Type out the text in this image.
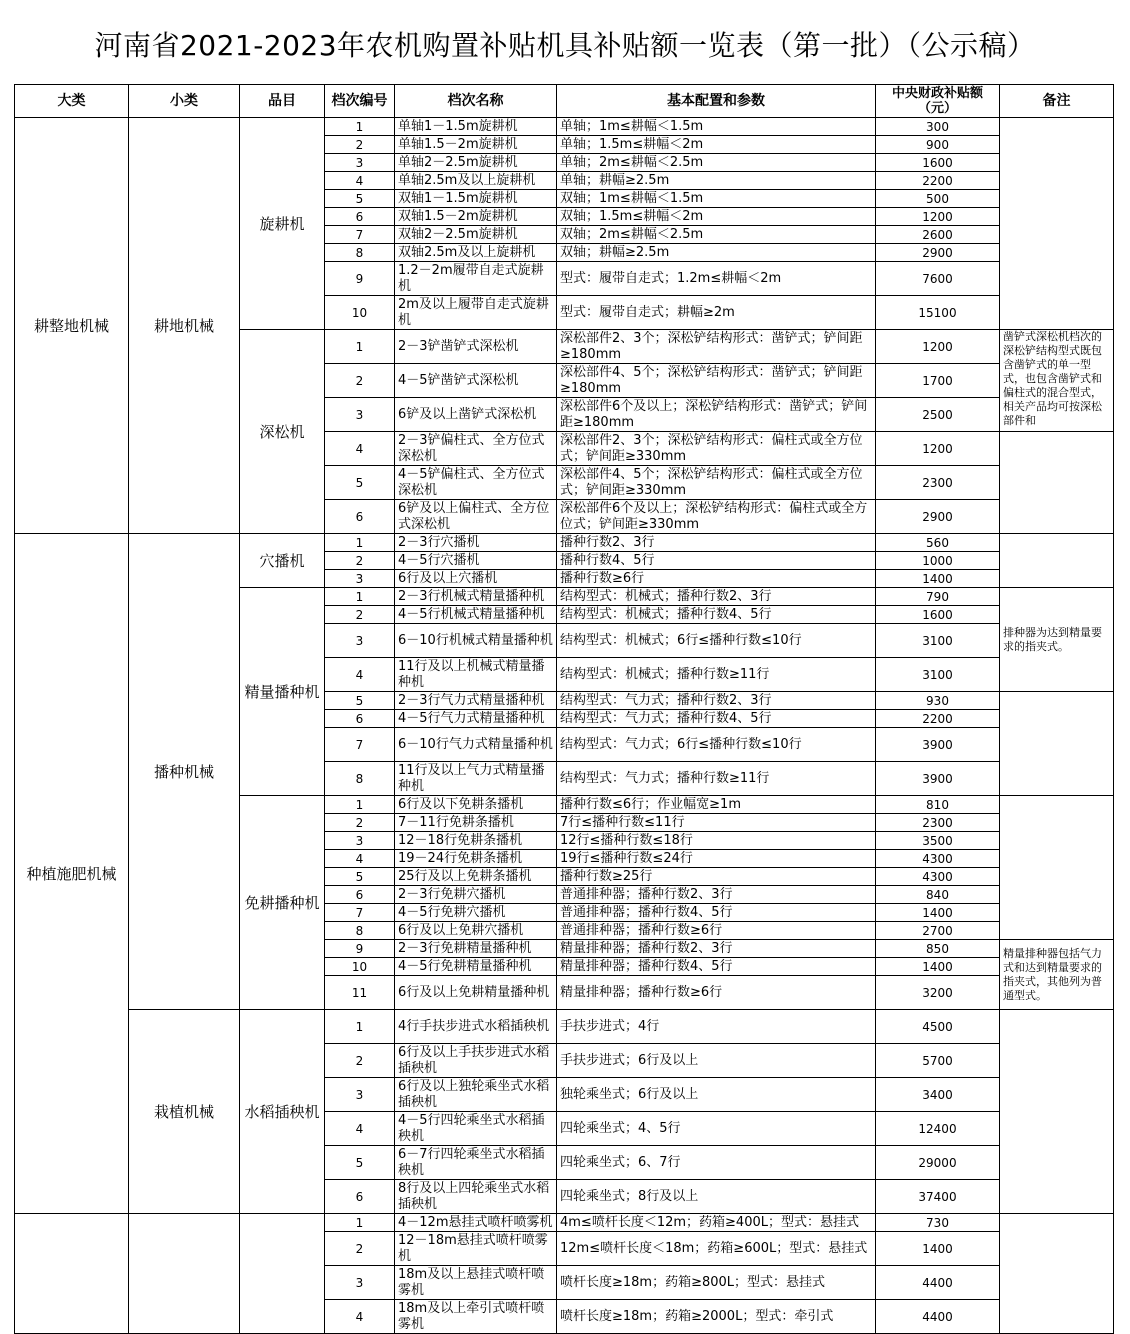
河南省2021-2023年农机购置补贴机具补贴额一览表（第一批）（公示稿）
大类	小类	品目	档次编号	档次名称	基本配置和参数	中央财政补贴额（元）	备注
耕整地机械	耕地机械	旋耕机	1	单轴1－1.5m旋耕机	单轴；1m≤耕幅＜1.5m	300	
			2	单轴1.5－2m旋耕机	单轴；1.5m≤耕幅＜2m	900	
			3	单轴2－2.5m旋耕机	单轴；2m≤耕幅＜2.5m	1600	
			4	单轴2.5m及以上旋耕机	单轴；耕幅≥2.5m	2200	
			5	双轴1－1.5m旋耕机	双轴；1m≤耕幅＜1.5m	500	
			6	双轴1.5－2m旋耕机	双轴；1.5m≤耕幅＜2m	1200	
			7	双轴2－2.5m旋耕机	双轴；2m≤耕幅＜2.5m	2600	
			8	双轴2.5m及以上旋耕机	双轴；耕幅≥2.5m	2900	
			9	1.2－2m履带自走式旋耕机	型式：履带自走式；1.2m≤耕幅＜2m	7600	
			10	2m及以上履带自走式旋耕机	型式：履带自走式；耕幅≥2m	15100	
		深松机	1	2－3铲凿铲式深松机	深松部件2、3个；深松铲结构形式：凿铲式；铲间距≥180mm	1200	凿铲式深松机档次的深松铲结构型式既包含凿铲式的单一型式，也包含凿铲式和偏柱式的混合型式，相关产品均可按深松部件和

			2	4－5铲凿铲式深松机	深松部件4、5个；深松铲结构形式：凿铲式；铲间距≥180mm	1700	
			3	6铲及以上凿铲式深松机	深松部件6个及以上；深松铲结构形式：凿铲式；铲间距≥180mm	2500	
			4	2－3铲偏柱式、全方位式深松机	深松部件2、3个；深松铲结构形式：偏柱式或全方位式；铲间距≥330mm	1200	
			5	4－5铲偏柱式、全方位式深松机	深松部件4、5个；深松铲结构形式：偏柱式或全方位式；铲间距≥330mm	2300	
			6	6铲及以上偏柱式、全方位式深松机	深松部件6个及以上；深松铲结构形式：偏柱式或全方位式；铲间距≥330mm	2900	
种植施肥机械	播种机械	穴播机	1	2－3行穴播机	播种行数2、3行	560	
			2	4－5行穴播机	播种行数4、5行	1000	
			3	6行及以上穴播机	播种行数≥6行	1400	
		精量播种机	1	2－3行机械式精量播种机	结构型式：机械式；播种行数2、3行	790	排种器为达到精量要求的指夹式。

			2	4－5行机械式精量播种机	结构型式：机械式；播种行数4、5行	1600	
			3	6－10行机械式精量播种机	结构型式：机械式；6行≤播种行数≤10行	3100	
			4	11行及以上机械式精量播种机	结构型式：机械式；播种行数≥11行	3100	
			5	2－3行气力式精量播种机	结构型式：气力式；播种行数2、3行	930	
			6	4－5行气力式精量播种机	结构型式：气力式；播种行数4、5行	2200	
			7	6－10行气力式精量播种机	结构型式：气力式；6行≤播种行数≤10行	3900	
			8	11行及以上气力式精量播种机	结构型式：气力式；播种行数≥11行	3900	
		免耕播种机	1	6行及以下免耕条播机	播种行数≤6行；作业幅宽≥1m	810	
			2	7－11行免耕条播机	7行≤播种行数≤11行	2300	
			3	12－18行免耕条播机	12行≤播种行数≤18行	3500	
			4	19－24行免耕条播机	19行≤播种行数≤24行	4300	
			5	25行及以上免耕条播机	播种行数≥25行	4300	
			6	2－3行免耕穴播机	普通排种器；播种行数2、3行	840	
			7	4－5行免耕穴播机	普通排种器；播种行数4、5行	1400	
			8	6行及以上免耕穴播机	普通排种器；播种行数≥6行	2700	
			9	2－3行免耕精量播种机	精量排种器；播种行数2、3行	850	精量排种器包括气力式和达到精量要求的指夹式，其他列为普通型式。

			10	4－5行免耕精量播种机	精量排种器；播种行数4、5行	1400	
			11	6行及以上免耕精量播种机	精量排种器；播种行数≥6行	3200	
	栽植机械	水稻插秧机	1	4行手扶步进式水稻插秧机	手扶步进式；4行	4500	
			2	6行及以上手扶步进式水稻插秧机	手扶步进式；6行及以上	5700	
			3	6行及以上独轮乘坐式水稻插秧机	独轮乘坐式；6行及以上	3400	
			4	4－5行四轮乘坐式水稻插秧机	四轮乘坐式；4、5行	12400	
			5	6－7行四轮乘坐式水稻插秧机	四轮乘坐式；6、7行	29000	
			6	8行及以上四轮乘坐式水稻插秧机	四轮乘坐式；8行及以上	37400	
			1	4－12m悬挂式喷杆喷雾机	4m≤喷杆长度＜12m；药箱≥400L；型式：悬挂式	730	
			2	12－18m悬挂式喷杆喷雾机	12m≤喷杆长度＜18m；药箱≥600L；型式：悬挂式	1400	
			3	18m及以上悬挂式喷杆喷雾机	喷杆长度≥18m；药箱≥800L；型式：悬挂式	4400	
			4	18m及以上牵引式喷杆喷雾机	喷杆长度≥18m；药箱≥2000L；型式：牵引式	4400	
